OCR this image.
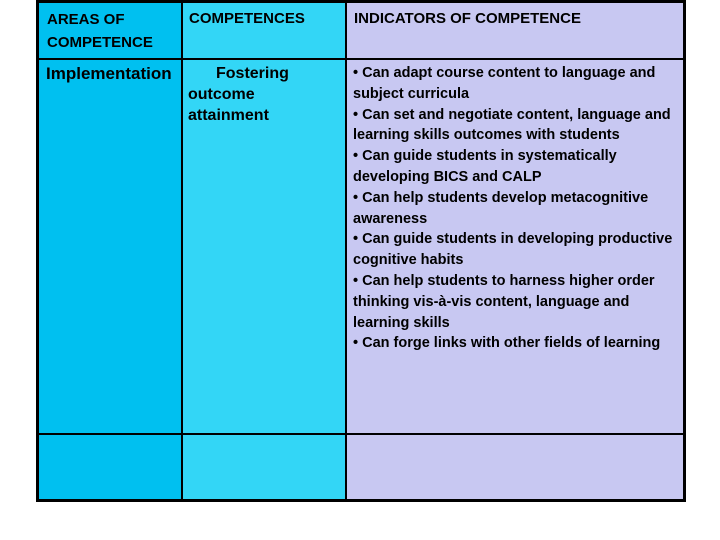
AREAS OF COMPETENCE
COMPETENCES	INDICATORS OF COMPETENCE
Implementation	Fostering
outcome
attainment
• Can adapt course content to language and subject curricula
• Can set and negotiate content, language and learning skills outcomes with students
• Can guide students in systematically developing BICS and CALP
• Can help students develop metacognitive awareness
• Can guide students in developing productive cognitive habits
• Can help students to harness higher order thinking vis-à-vis content, language and learning skills
• Can forge links with other fields of learning
